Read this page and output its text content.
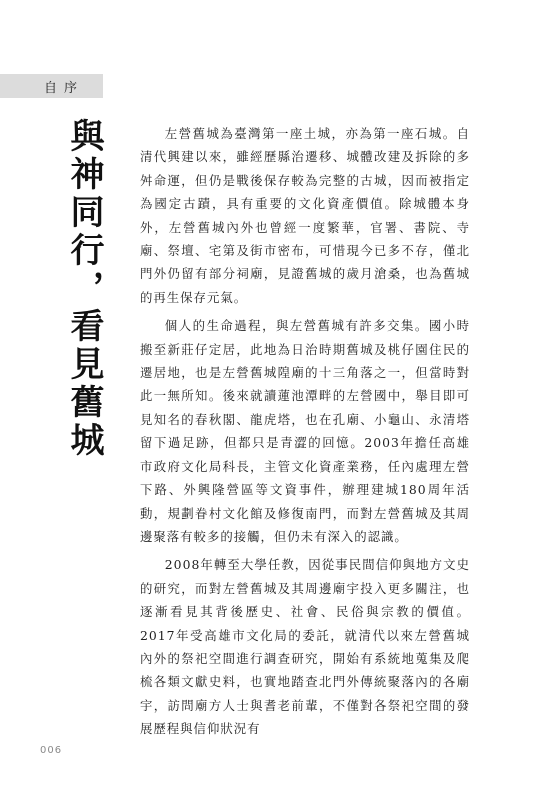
自序
與神同行，看見舊城	左營舊城為臺灣第一座土城，亦為第一座石城。自清代興建以來，雖經歷縣治遷移、城體改建及拆除的多舛命運，但仍是戰後保存較為完整的古城，因而被指定為國定古蹟，具有重要的文化資產價值。除城體本身外，左營舊城內外也曾經一度繁華，官署、書院、寺廟、祭壇、宅第及街市密布，可惜現今已多不存，僅北門外仍留有部分祠廟，見證舊城的歲月滄桑，也為舊城的再生保存元氣。

個人的生命過程，與左營舊城有許多交集。國小時搬至新莊仔定居，此地為日治時期舊城及桃仔園住民的遷居地，也是左營舊城隍廟的十三角落之一，但當時對此一無所知。後來就讀蓮池潭畔的左營國中，舉目即可見知名的春秋閣、龍虎塔，也在孔廟、小龜山、永清塔留下過足跡，但都只是青澀的回憶。2003年擔任高雄市政府文化局科長，主管文化資產業務，任內處理左營下路、外興隆營區等文資事件，辦理建城180周年活動，規劃眷村文化館及修復南門，而對左營舊城及其周邊聚落有較多的接觸，但仍未有深入的認識。

2008年轉至大學任教，因從事民間信仰與地方文史的研究，而對左營舊城及其周邊廟宇投入更多關注，也逐漸看見其背後歷史、社會、民俗與宗教的價值。2017年受高雄市文化局的委託，就清代以來左營舊城內外的祭祀空間進行調查研究，開始有系統地蒐集及爬梳各類文獻史料，也實地踏查北門外傳統聚落內的各廟宇，訪問廟方人士與耆老前輩，不僅對各祭祀空間的發展歷程與信仰狀況有

006
